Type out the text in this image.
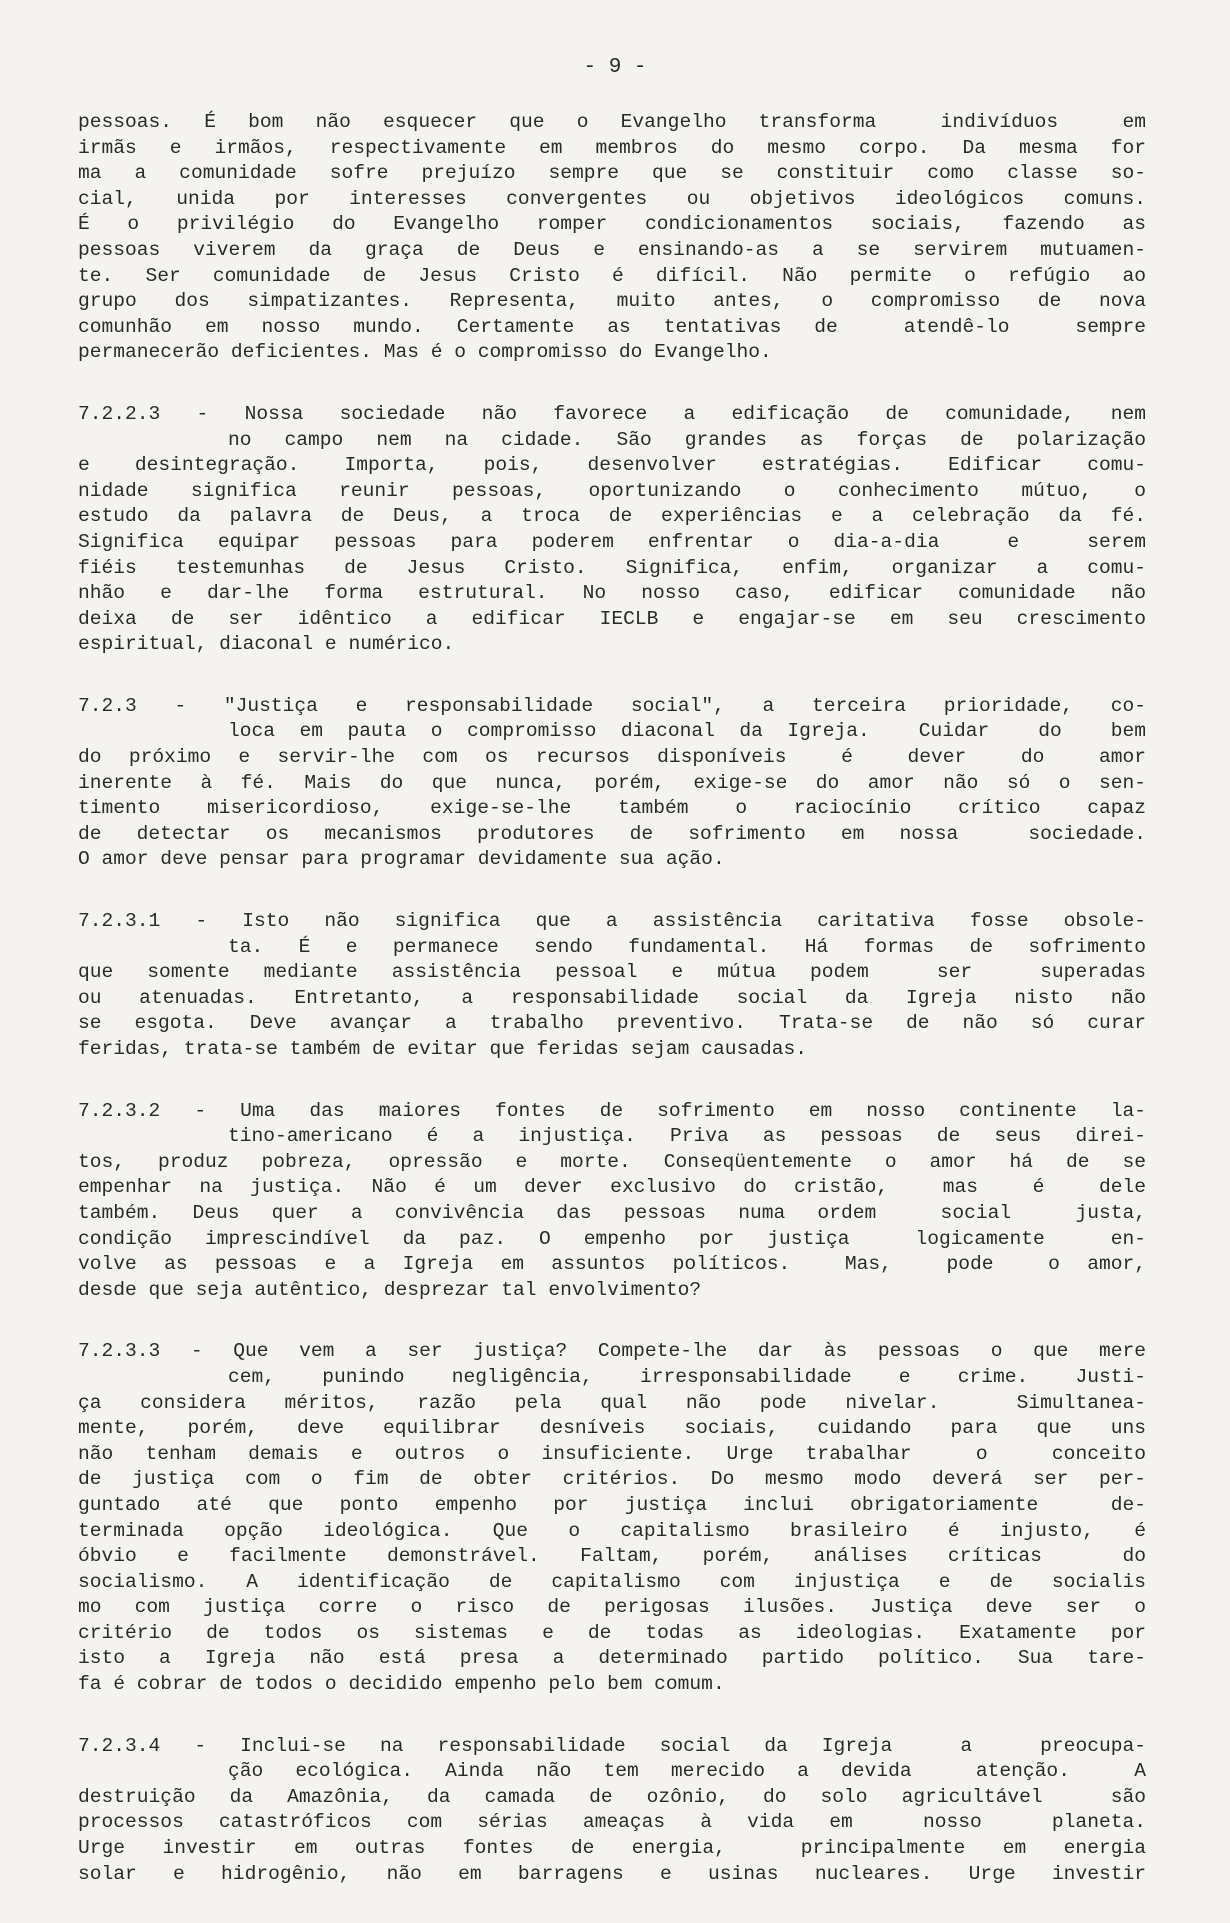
- 9 -
pessoas. É bom não esquecer que o Evangelho transforma  indivíduos  em
irmãs e irmãos, respectivamente em membros do mesmo corpo. Da mesma for
ma a comunidade sofre prejuízo sempre que se constituir como classe so-
cial, unida por interesses convergentes ou objetivos ideológicos comuns.
É o privilégio do Evangelho romper condicionamentos sociais, fazendo as
pessoas viverem da graça de Deus e ensinando-as a se servirem mutuamen-
te. Ser comunidade de Jesus Cristo é difícil. Não permite o refúgio ao
grupo dos simpatizantes. Representa, muito antes, o compromisso de nova
comunhão em nosso mundo. Certamente as tentativas de  atendê-lo  sempre
permanecerão deficientes. Mas é o compromisso do Evangelho.
7.2.2.3 - Nossa sociedade não favorece a edificação de comunidade, nem
no campo nem na cidade. São grandes as forças de polarização
e desintegração. Importa, pois, desenvolver estratégias. Edificar comu-
nidade significa reunir pessoas, oportunizando o conhecimento mútuo, o
estudo da palavra de Deus, a troca de experiências e a celebração da fé.
Significa equipar pessoas para poderem enfrentar o dia-a-dia  e  serem
fiéis testemunhas de Jesus Cristo. Significa, enfim, organizar a comu-
nhão e dar-lhe forma estrutural. No nosso caso, edificar comunidade não
deixa de ser idêntico a edificar IECLB e engajar-se em seu crescimento
espiritual, diaconal e numérico.
7.2.3 - "Justiça e responsabilidade social", a terceira prioridade, co-
loca em pauta o compromisso diaconal da Igreja.  Cuidar  do  bem
do próximo e servir-lhe com os recursos disponíveis  é  dever  do  amor
inerente à fé. Mais do que nunca, porém, exige-se do amor não só o sen-
timento misericordioso, exige-se-lhe também o raciocínio crítico capaz
de detectar os mecanismos produtores de sofrimento em nossa  sociedade.
O amor deve pensar para programar devidamente sua ação.
7.2.3.1 - Isto não significa que a assistência caritativa fosse obsole-
ta. É e permanece sendo fundamental. Há formas de sofrimento
que somente mediante assistência pessoal e mútua podem  ser  superadas
ou atenuadas. Entretanto, a responsabilidade social da Igreja nisto não
se esgota. Deve avançar a trabalho preventivo. Trata-se de não só curar
feridas, trata-se também de evitar que feridas sejam causadas.
7.2.3.2 - Uma das maiores fontes de sofrimento em nosso continente la-
tino-americano é a injustiça. Priva as pessoas de seus direi-
tos, produz pobreza, opressão e morte. Conseqüentemente o amor há de se
empenhar na justiça. Não é um dever exclusivo do cristão,  mas  é  dele
também. Deus quer a convivência das pessoas numa ordem  social  justa,
condição imprescindível da paz. O empenho por justiça  logicamente  en-
volve as pessoas e a Igreja em assuntos políticos.  Mas,  pode  o amor,
desde que seja autêntico, desprezar tal envolvimento?
7.2.3.3 - Que vem a ser justiça? Compete-lhe dar às pessoas o que mere
cem, punindo negligência, irresponsabilidade e crime. Justi-
ça considera méritos, razão pela qual não pode nivelar.  Simultanea-
mente, porém, deve equilibrar desníveis sociais, cuidando para que uns
não tenham demais e outros o insuficiente. Urge trabalhar  o  conceito
de justiça com o fim de obter critérios. Do mesmo modo deverá ser per-
guntado até que ponto empenho por justiça inclui obrigatoriamente  de-
terminada opção ideológica. Que o capitalismo brasileiro é injusto, é
óbvio e facilmente demonstrável. Faltam, porém, análises críticas  do
socialismo. A identificação de capitalismo com injustiça e de socialis
mo com justiça corre o risco de perigosas ilusões. Justiça deve ser o
critério de todos os sistemas e de todas as ideologias. Exatamente por
isto a Igreja não está presa a determinado partido político. Sua tare-
fa é cobrar de todos o decidido empenho pelo bem comum.
7.2.3.4 - Inclui-se na responsabilidade social da Igreja  a  preocupa-
ção ecológica. Ainda não tem merecido a devida  atenção.  A
destruição da Amazônia, da camada de ozônio, do solo agricultável  são
processos catastróficos com sérias ameaças à vida em  nosso  planeta.
Urge investir em outras fontes de energia,  principalmente em energia
solar e hidrogênio, não em barragens e usinas nucleares. Urge investir
